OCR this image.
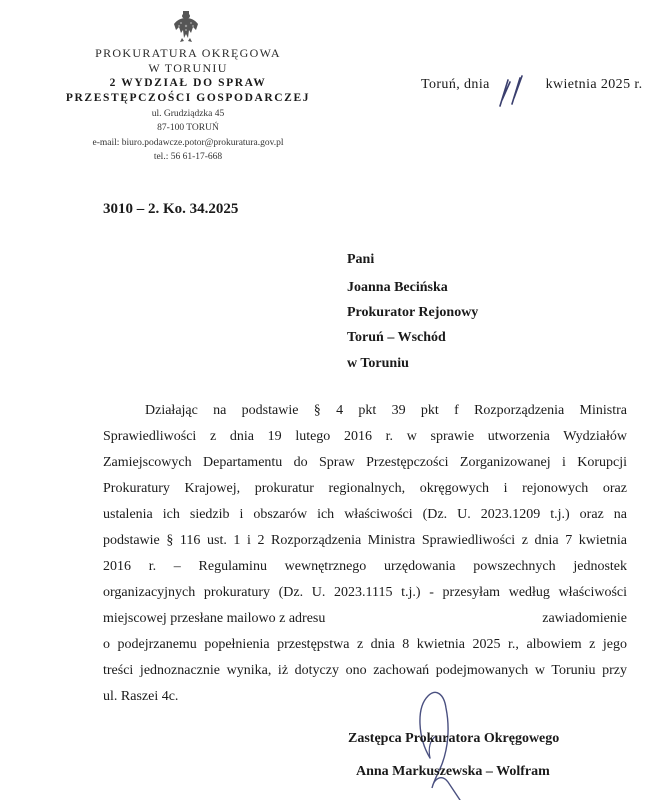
PROKURATURA OKRĘGOWA
W TORUNIU
2 WYDZIAŁ DO SPRAW
PRZESTĘPCZOŚCI GOSPODARCZEJ
ul. Grudziądzka 45
87-100 TORUŃ
e-mail: biuro.podawcze.potor@prokuratura.gov.pl
tel.: 56 61-17-668
Toruń, dnia	kwietnia 2025 r.
3010 – 2. Ko. 34.2025
Pani
Joanna Becińska
Prokurator Rejonowy
Toruń – Wschód
w Toruniu
Działając na podstawie § 4 pkt 39 pkt f Rozporządzenia Ministra
Sprawiedliwości z dnia 19 lutego 2016 r. w sprawie utworzenia Wydziałów
Zamiejscowych Departamentu do Spraw Przestępczości Zorganizowanej i Korupcji
Prokuratury Krajowej, prokuratur regionalnych, okręgowych i rejonowych oraz
ustalenia ich siedzib i obszarów ich właściwości (Dz. U. 2023.1209 t.j.) oraz na
podstawie § 116 ust. 1 i 2 Rozporządzenia Ministra Sprawiedliwości z dnia 7 kwietnia
2016 r. – Regulaminu wewnętrznego urzędowania powszechnych jednostek
organizacyjnych prokuratury (Dz. U. 2023.1115 t.j.) - przesyłam według właściwości
miejscowej przesłane mailowo z adresu	zawiadomienie
o podejrzanemu popełnienia przestępstwa z dnia 8 kwietnia 2025 r., albowiem z jego
treści jednoznacznie wynika, iż dotyczy ono zachowań podejmowanych w Toruniu przy
ul. Raszei 4c.
Zastępca Prokuratora Okręgowego
Anna Markuszewska – Wolfram
